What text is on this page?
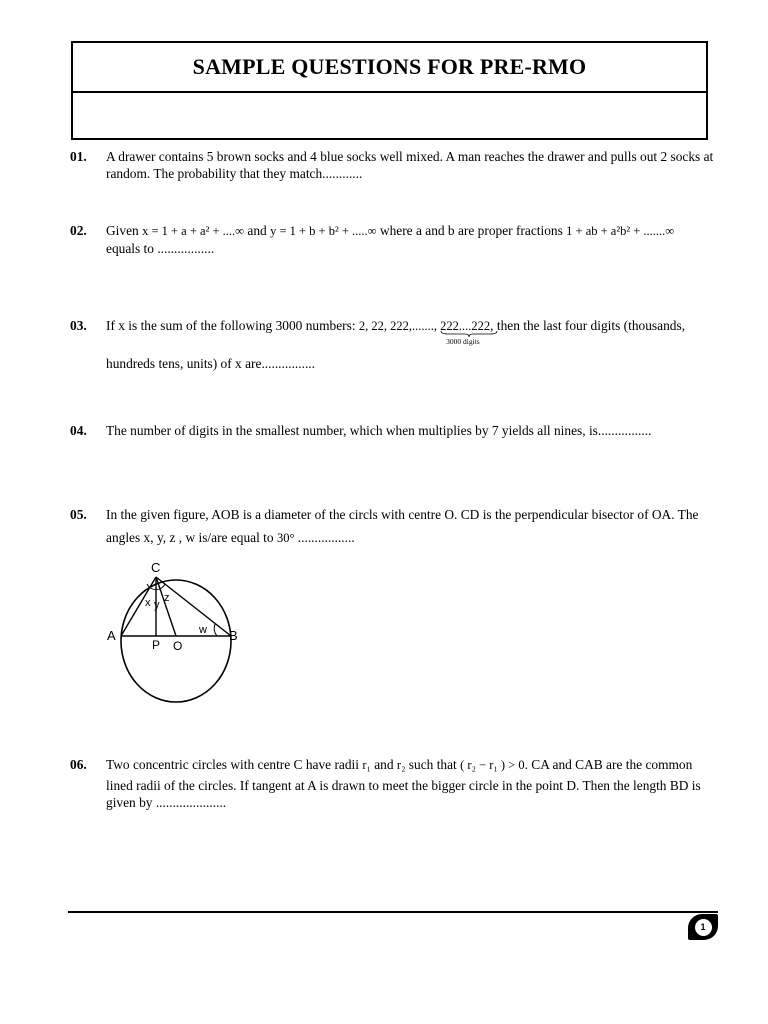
SAMPLE QUESTIONS FOR PRE-RMO
01. A drawer contains 5 brown socks and 4 blue socks well mixed. A man reaches the drawer and pulls out 2 socks at random. The probability that they match............
02. Given x = 1 + a + a² + ....∞ and y = 1 + b + b² + .....∞ where a and b are proper fractions 1 + ab + a²b² + .......∞
equals to .................
03. If x is the sum of the following 3000 numbers: 2, 22, 222,......., 222....222
3000 digits
, then the last four digits (thousands,
hundreds tens, units) of x are................
04. The number of digits in the smallest number, which when multiplies by 7 yields all nines, is................
05. In the given figure, AOB is a diameter of the circls with centre O. CD is the perpendicular bisector of OA. The
angles x, y, z , w is/are equal to 30° .................
C
A	B
P O
x y
z
w
06. Two concentric circles with centre C have radii r₁ and r₂ such that ( r₂ − r₁ ) > 0. CA and CAB are the common
lined radii of the circles. If tangent at A is drawn to meet the bigger circle in the point D. Then the length BD is given by .....................
1
